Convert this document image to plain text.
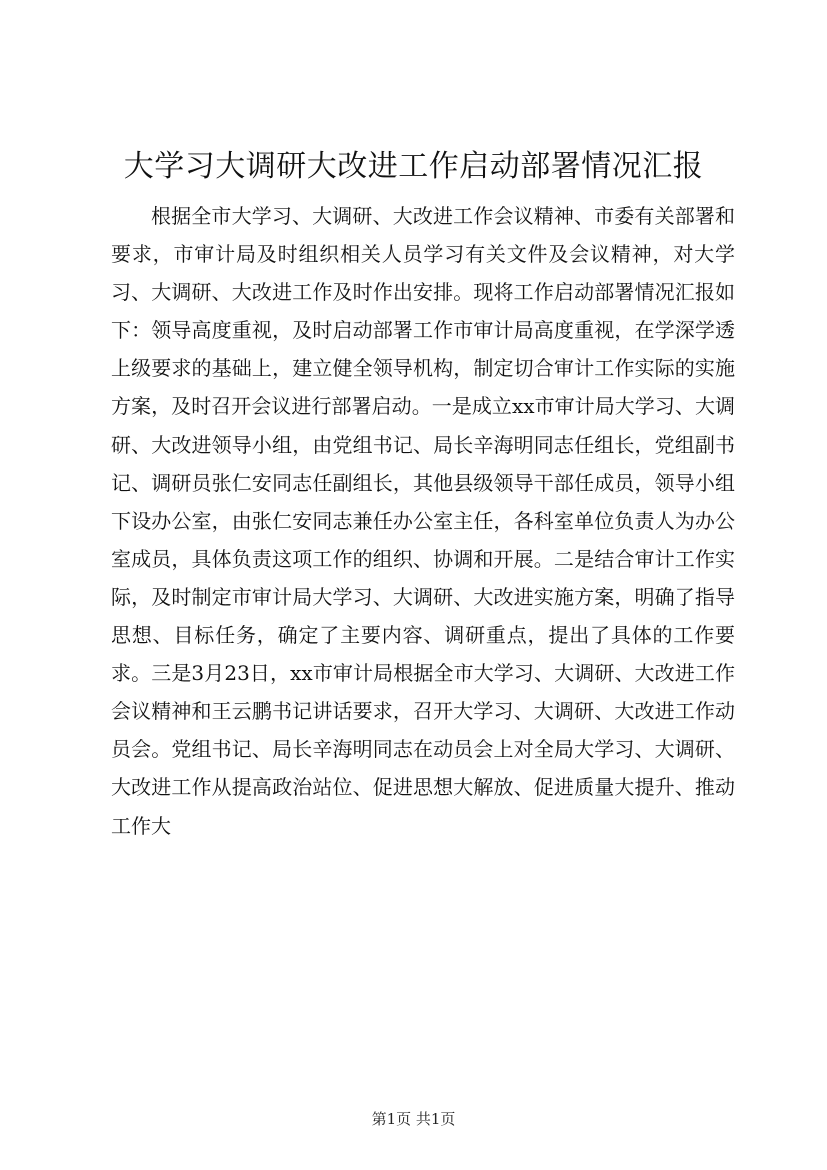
大学习大调研大改进工作启动部署情况汇报

根据全市大学习、大调研、大改进工作会议精神、市委有关部署和要求，市审计局及时组织相关人员学习有关文件及会议精神，对大学习、大调研、大改进工作及时作出安排。现将工作启动部署情况汇报如下：领导高度重视，及时启动部署工作市审计局高度重视，在学深学透上级要求的基础上，建立健全领导机构，制定切合审计工作实际的实施方案，及时召开会议进行部署启动。一是成立xx市审计局大学习、大调研、大改进领导小组，由党组书记、局长辛海明同志任组长，党组副书记、调研员张仁安同志任副组长，其他县级领导干部任成员，领导小组下设办公室，由张仁安同志兼任办公室主任，各科室单位负责人为办公室成员，具体负责这项工作的组织、协调和开展。二是结合审计工作实际，及时制定市审计局大学习、大调研、大改进实施方案，明确了指导思想、目标任务，确定了主要内容、调研重点，提出了具体的工作要求。三是3月23日，xx市审计局根据全市大学习、大调研、大改进工作会议精神和王云鹏书记讲话要求，召开大学习、大调研、大改进工作动员会。党组书记、局长辛海明同志在动员会上对全局大学习、大调研、大改进工作从提高政治站位、促进思想大解放、促进质量大提升、推动工作大

第1页 共1页
